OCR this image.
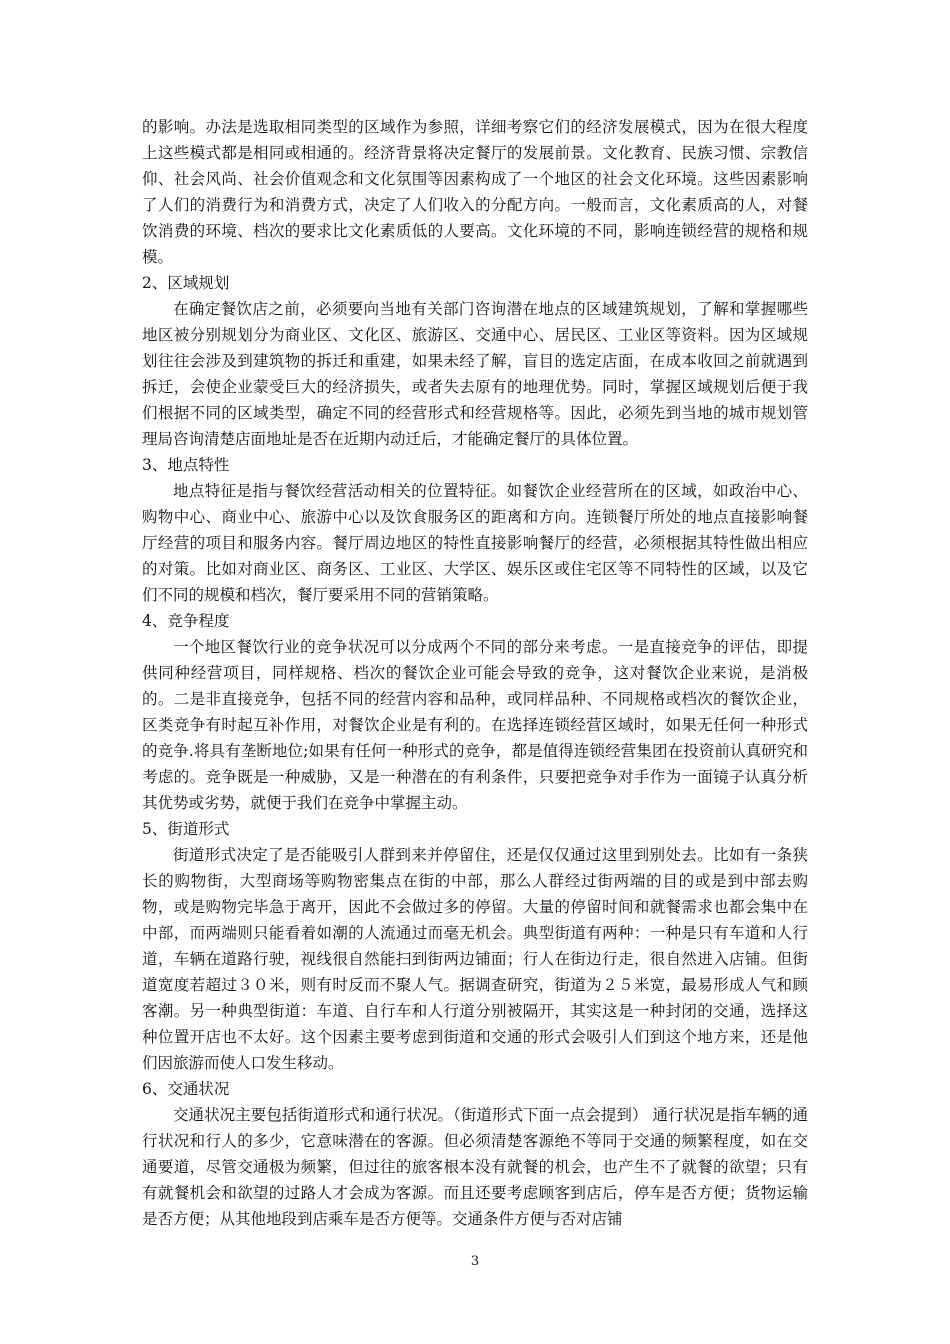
的影响。办法是选取相同类型的区域作为参照，详细考察它们的经济发展模式，因为在很大程度上这些模式都是相同或相通的。经济背景将决定餐厅的发展前景。文化教育、民族习惯、宗教信仰、社会风尚、社会价值观念和文化氛围等因素构成了一个地区的社会文化环境。这些因素影响了人们的消费行为和消费方式，决定了人们收入的分配方向。一般而言，文化素质高的人，对餐饮消费的环境、档次的要求比文化素质低的人要高。文化环境的不同，影响连锁经营的规格和规模。

2、区域规划

在确定餐饮店之前，必须要向当地有关部门咨询潜在地点的区域建筑规划，了解和掌握哪些地区被分别规划分为商业区、文化区、旅游区、交通中心、居民区、工业区等资料。因为区域规划往往会涉及到建筑物的拆迁和重建，如果未经了解，盲目的选定店面，在成本收回之前就遇到拆迁，会使企业蒙受巨大的经济损失，或者失去原有的地理优势。同时，掌握区域规划后便于我们根据不同的区域类型，确定不同的经营形式和经营规格等。因此，必须先到当地的城市规划管理局咨询清楚店面地址是否在近期内动迁后，才能确定餐厅的具体位置。

3、地点特性

地点特征是指与餐饮经营活动相关的位置特征。如餐饮企业经营所在的区域，如政治中心、购物中心、商业中心、旅游中心以及饮食服务区的距离和方向。连锁餐厅所处的地点直接影响餐厅经营的项目和服务内容。餐厅周边地区的特性直接影响餐厅的经营，必须根据其特性做出相应的对策。比如对商业区、商务区、工业区、大学区、娱乐区或住宅区等不同特性的区域，以及它们不同的规模和档次，餐厅要采用不同的营销策略。

4、竞争程度

一个地区餐饮行业的竞争状况可以分成两个不同的部分来考虑。一是直接竞争的评估，即提供同种经营项目，同样规格、档次的餐饮企业可能会导致的竞争，这对餐饮企业来说，是消极的。二是非直接竞争，包括不同的经营内容和品种，或同样品种、不同规格或档次的餐饮企业，区类竞争有时起互补作用，对餐饮企业是有利的。在选择连锁经营区域时，如果无任何一种形式的竞争.将具有垄断地位;如果有任何一种形式的竞争，都是值得连锁经营集团在投资前认真研究和考虑的。竞争既是一种威胁，又是一种潜在的有利条件，只要把竞争对手作为一面镜子认真分析其优势或劣势，就便于我们在竞争中掌握主动。

5、街道形式

街道形式决定了是否能吸引人群到来并停留住，还是仅仅通过这里到别处去。比如有一条狭长的购物街，大型商场等购物密集点在街的中部，那么人群经过街两端的目的或是到中部去购物，或是购物完毕急于离开，因此不会做过多的停留。大量的停留时间和就餐需求也都会集中在中部，而两端则只能看着如潮的人流通过而毫无机会。典型街道有两种：一种是只有车道和人行道，车辆在道路行驶，视线很自然能扫到街两边铺面；行人在街边行走，很自然进入店铺。但街道宽度若超过３０米，则有时反而不聚人气。据调查研究，街道为２５米宽，最易形成人气和顾客潮。另一种典型街道：车道、自行车和人行道分别被隔开，其实这是一种封闭的交通，选择这种位置开店也不太好。这个因素主要考虑到街道和交通的形式会吸引人们到这个地方来，还是他们因旅游而使人口发生移动。

6、交通状况

交通状况主要包括街道形式和通行状况。（街道形式下面一点会提到） 通行状况是指车辆的通行状况和行人的多少，它意味潜在的客源。但必须清楚客源绝不等同于交通的频繁程度，如在交通要道，尽管交通极为频繁，但过往的旅客根本没有就餐的机会，也产生不了就餐的欲望；只有有就餐机会和欲望的过路人才会成为客源。而且还要考虑顾客到店后，停车是否方便；货物运输是否方便；从其他地段到店乘车是否方便等。交通条件方便与否对店铺

3
